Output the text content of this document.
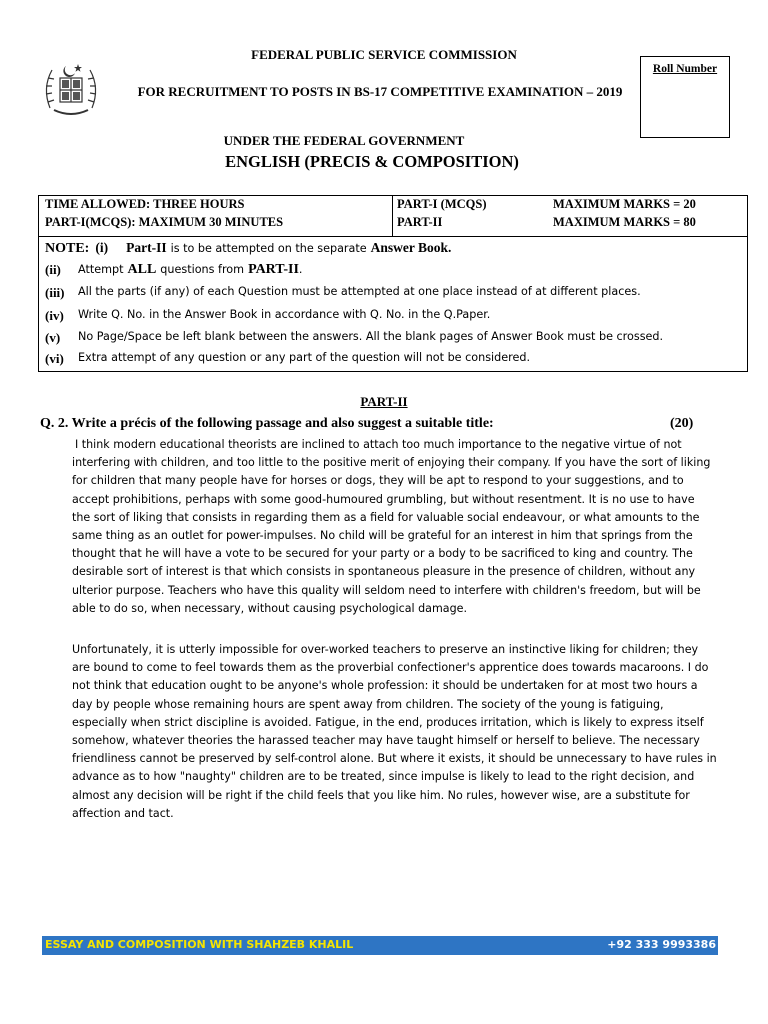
FEDERAL PUBLIC SERVICE COMMISSION
FOR RECRUITMENT TO POSTS IN BS-17 COMPETITIVE EXAMINATION – 2019
UNDER THE FEDERAL GOVERNMENT
ENGLISH (PRECIS & COMPOSITION)
Roll Number
TIME ALLOWED: THREE HOURS
PART-I(MCQS): MAXIMUM 30 MINUTES
PART-I (MCQS)	MAXIMUM MARKS = 20
PART-II	MAXIMUM MARKS = 80
NOTE: (i) Part-II is to be attempted on the separate Answer Book.
(ii) Attempt ALL questions from PART-II.
(iii) All the parts (if any) of each Question must be attempted at one place instead of at different places.
(iv) Write Q. No. in the Answer Book in accordance with Q. No. in the Q.Paper.
(v) No Page/Space be left blank between the answers. All the blank pages of Answer Book must be crossed.
(vi) Extra attempt of any question or any part of the question will not be considered.
PART-II
Q. 2. Write a précis of the following passage and also suggest a suitable title:	(20)
I think modern educational theorists are inclined to attach too much importance to the negative virtue of not
interfering with children, and too little to the positive merit of enjoying their company. If you have the sort of liking
for children that many people have for horses or dogs, they will be apt to respond to your suggestions, and to
accept prohibitions, perhaps with some good-humoured grumbling, but without resentment. It is no use to have
the sort of liking that consists in regarding them as a field for valuable social endeavour, or what amounts to the
same thing as an outlet for power-impulses. No child will be grateful for an interest in him that springs from the
thought that he will have a vote to be secured for your party or a body to be sacrificed to king and country. The
desirable sort of interest is that which consists in spontaneous pleasure in the presence of children, without any
ulterior purpose. Teachers who have this quality will seldom need to interfere with children's freedom, but will be
able to do so, when necessary, without causing psychological damage.
Unfortunately, it is utterly impossible for over-worked teachers to preserve an instinctive liking for children; they
are bound to come to feel towards them as the proverbial confectioner's apprentice does towards macaroons. I do
not think that education ought to be anyone's whole profession: it should be undertaken for at most two hours a
day by people whose remaining hours are spent away from children. The society of the young is fatiguing,
especially when strict discipline is avoided. Fatigue, in the end, produces irritation, which is likely to express itself
somehow, whatever theories the harassed teacher may have taught himself or herself to believe. The necessary
friendliness cannot be preserved by self-control alone. But where it exists, it should be unnecessary to have rules in
advance as to how "naughty" children are to be treated, since impulse is likely to lead to the right decision, and
almost any decision will be right if the child feels that you like him. No rules, however wise, are a substitute for
affection and tact.
ESSAY AND COMPOSITION WITH SHAHZEB KHALIL	+92 333 9993386
